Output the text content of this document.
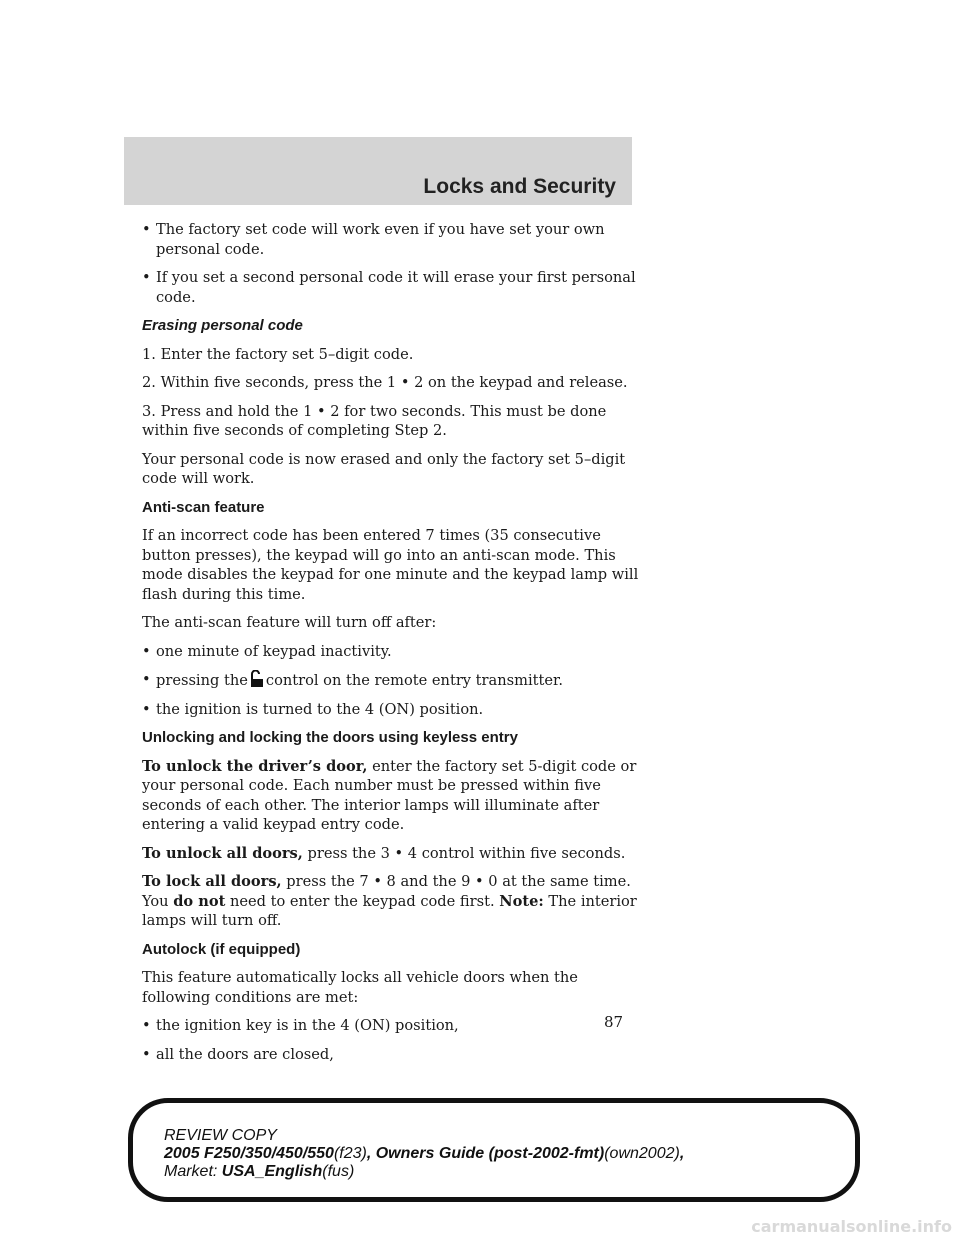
Locks and Security
• The factory set code will work even if you have set your own personal code.
• If you set a second personal code it will erase your first personal code.
Erasing personal code

1. Enter the factory set 5–digit code.

2. Within five seconds, press the 1 • 2 on the keypad and release.

3. Press and hold the 1 • 2 for two seconds. This must be done within five seconds of completing Step 2.

Your personal code is now erased and only the factory set 5–digit code will work.

Anti-scan feature

If an incorrect code has been entered 7 times (35 consecutive button presses), the keypad will go into an anti-scan mode. This mode disables the keypad for one minute and the keypad lamp will flash during this time.

The anti-scan feature will turn off after:

• one minute of keypad inactivity.
• pressing the control on the remote entry transmitter.
• the ignition is turned to the 4 (ON) position.
Unlocking and locking the doors using keyless entry

To unlock the driver’s door, enter the factory set 5-digit code or your personal code. Each number must be pressed within five seconds of each other. The interior lamps will illuminate after entering a valid keypad entry code.

To unlock all doors, press the 3 • 4 control within five seconds.

To lock all doors, press the 7 • 8 and the 9 • 0 at the same time. You do not need to enter the keypad code first. Note: The interior lamps will turn off.

Autolock (if equipped)

This feature automatically locks all vehicle doors when the following conditions are met:

• the ignition key is in the 4 (ON) position,
• all the doors are closed,
87
REVIEW COPY
2005 F250/350/450/550(f23), Owners Guide (post-2002-fmt)(own2002),
Market: USA_English(fus)
carmanualsonline.info
